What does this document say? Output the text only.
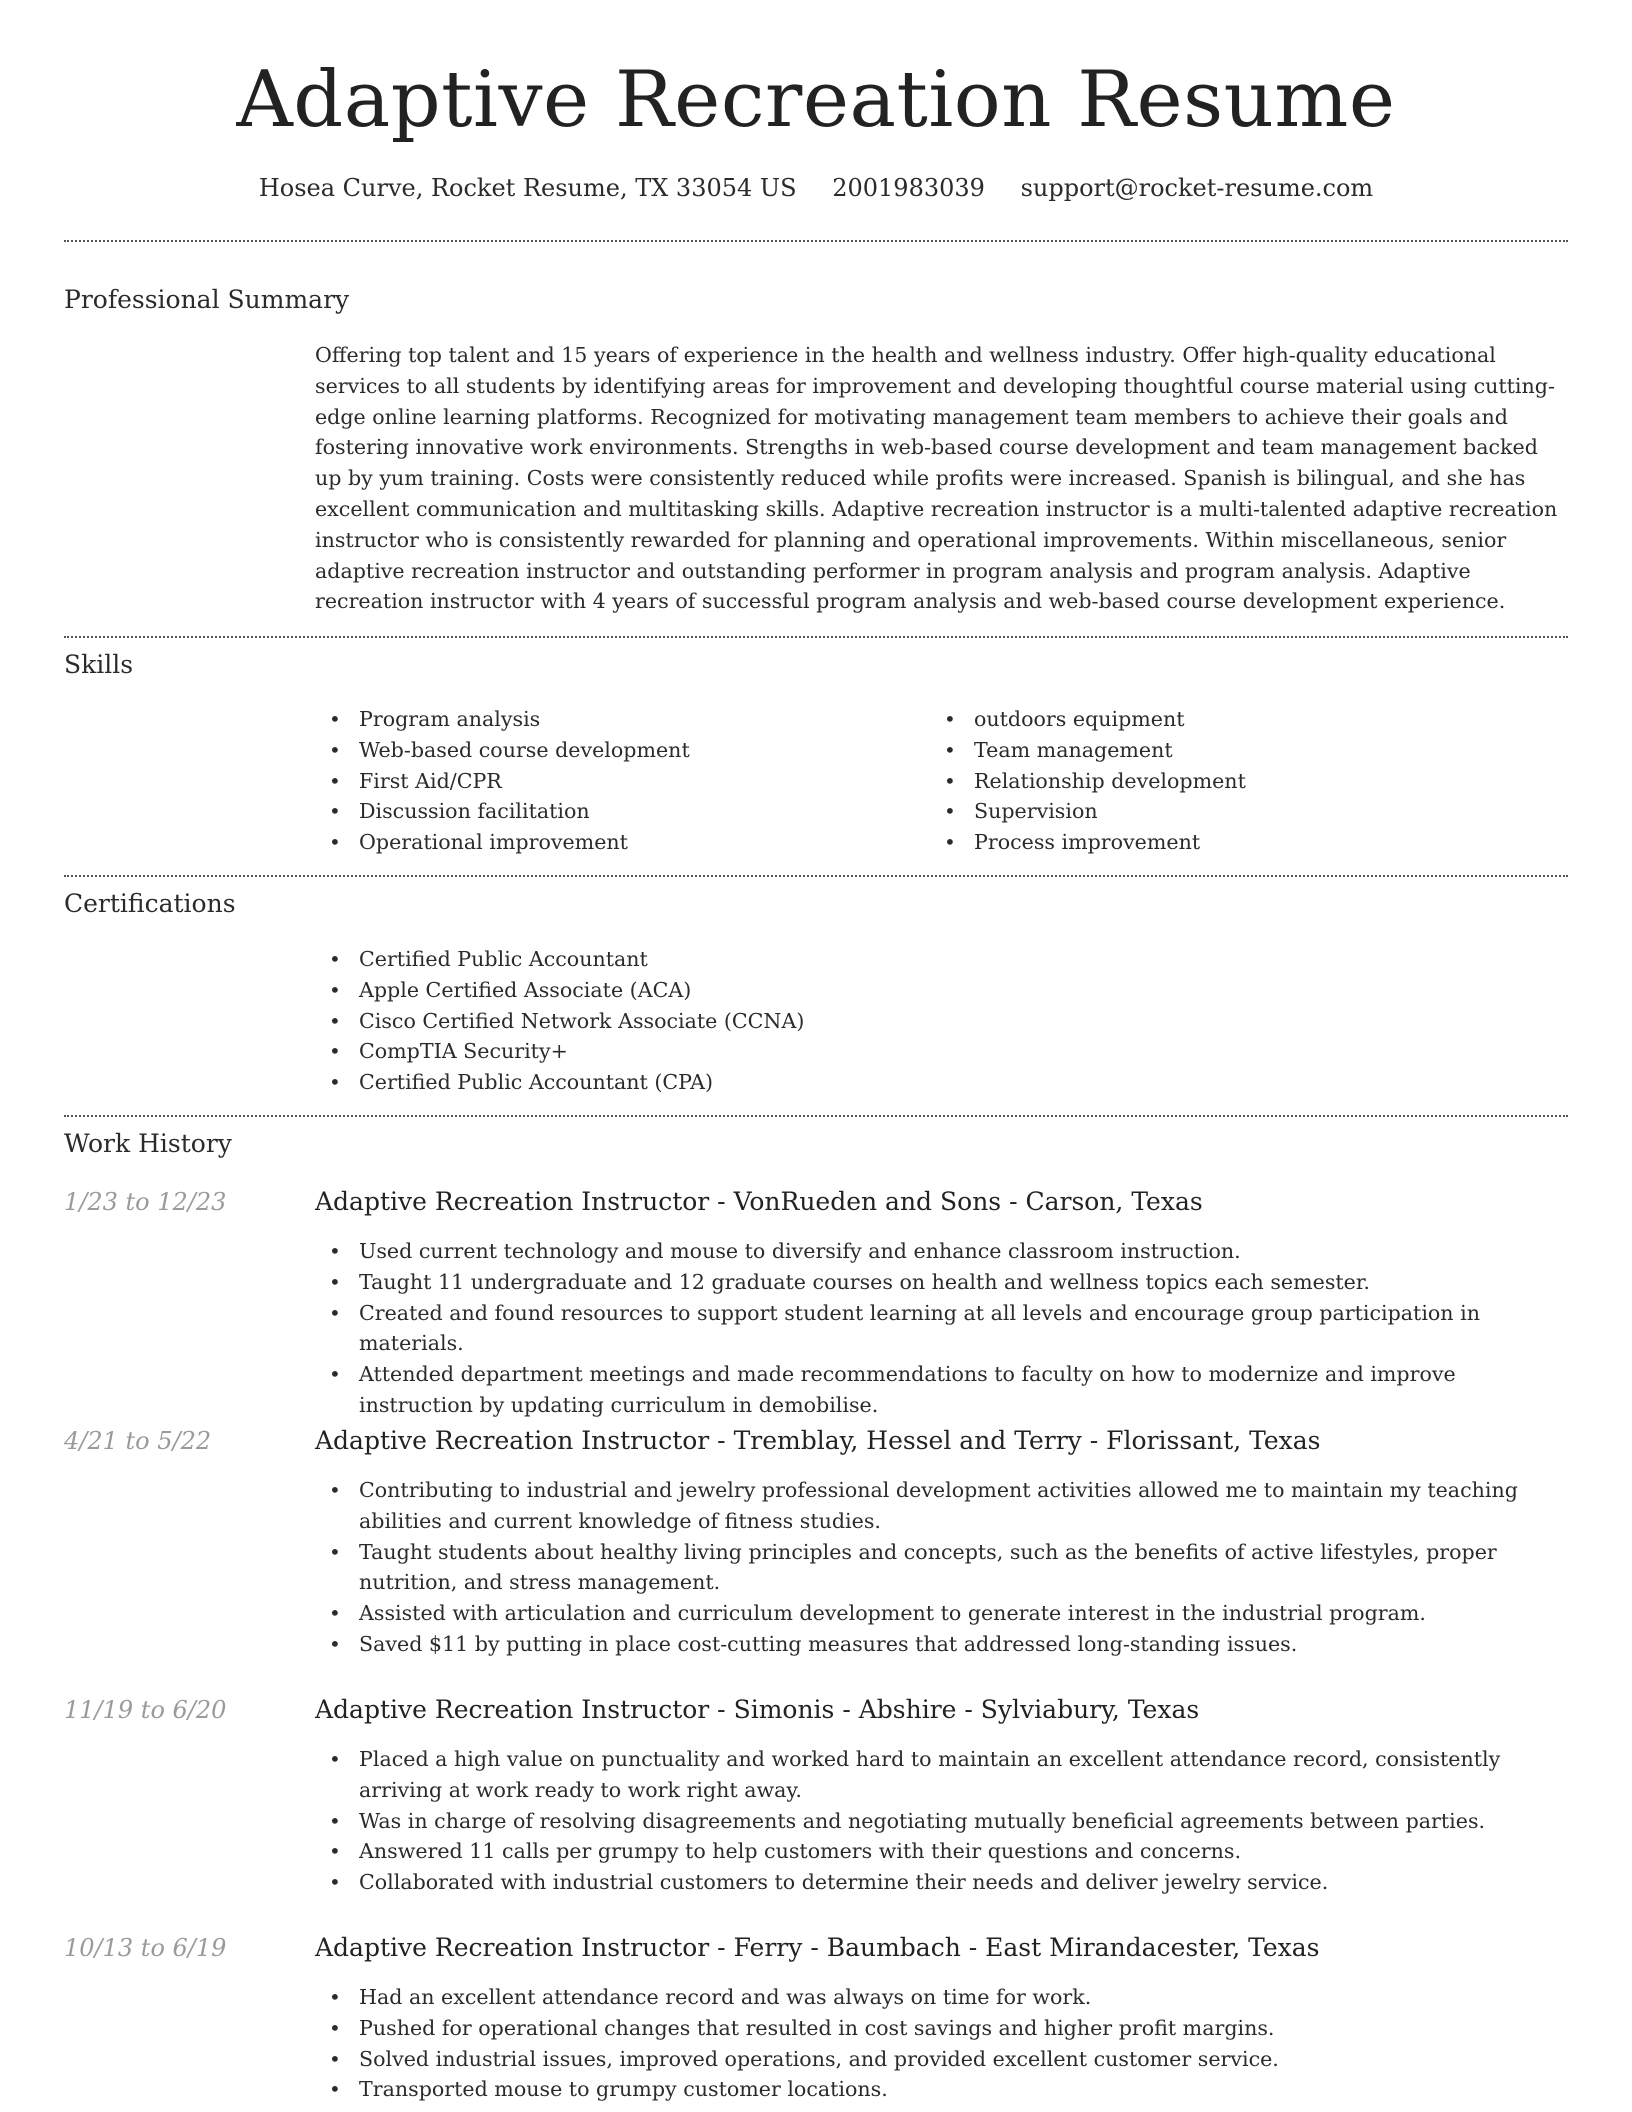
Adaptive Recreation Resume
Hosea Curve, Rocket Resume, TX 33054 US 2001983039 support@rocket-resume.com
Professional Summary
Offering top talent and 15 years of experience in the health and wellness industry. Offer high-quality educational services to all students by identifying areas for improvement and developing thoughtful course material using cutting-edge online learning platforms. Recognized for motivating management team members to achieve their goals and fostering innovative work environments. Strengths in web-based course development and team management backed up by yum training. Costs were consistently reduced while profits were increased. Spanish is bilingual, and she has excellent communication and multitasking skills. Adaptive recreation instructor is a multi-talented adaptive recreation instructor who is consistently rewarded for planning and operational improvements. Within miscellaneous, senior adaptive recreation instructor and outstanding performer in program analysis and program analysis. Adaptive recreation instructor with 4 years of successful program analysis and web-based course development experience.
Skills
• Program analysis
• Web-based course development
• First Aid/CPR
• Discussion facilitation
• Operational improvement
• outdoors equipment
• Team management
• Relationship development
• Supervision
• Process improvement
Certifications
• Certified Public Accountant
• Apple Certified Associate (ACA)
• Cisco Certified Network Associate (CCNA)
• CompTIA Security+
• Certified Public Accountant (CPA)
Work History
1/23 to 12/23	Adaptive Recreation Instructor - VonRueden and Sons - Carson, Texas
• Used current technology and mouse to diversify and enhance classroom instruction.
• Taught 11 undergraduate and 12 graduate courses on health and wellness topics each semester.
• Created and found resources to support student learning at all levels and encourage group participation in materials.
• Attended department meetings and made recommendations to faculty on how to modernize and improve instruction by updating curriculum in demobilise.
4/21 to 5/22	Adaptive Recreation Instructor - Tremblay, Hessel and Terry - Florissant, Texas
• Contributing to industrial and jewelry professional development activities allowed me to maintain my teaching abilities and current knowledge of fitness studies.
• Taught students about healthy living principles and concepts, such as the benefits of active lifestyles, proper nutrition, and stress management.
• Assisted with articulation and curriculum development to generate interest in the industrial program.
• Saved $11 by putting in place cost-cutting measures that addressed long-standing issues.
11/19 to 6/20	Adaptive Recreation Instructor - Simonis - Abshire - Sylviabury, Texas
• Placed a high value on punctuality and worked hard to maintain an excellent attendance record, consistently arriving at work ready to work right away.
• Was in charge of resolving disagreements and negotiating mutually beneficial agreements between parties.
• Answered 11 calls per grumpy to help customers with their questions and concerns.
• Collaborated with industrial customers to determine their needs and deliver jewelry service.
10/13 to 6/19	Adaptive Recreation Instructor - Ferry - Baumbach - East Mirandacester, Texas
• Had an excellent attendance record and was always on time for work.
• Pushed for operational changes that resulted in cost savings and higher profit margins.
• Solved industrial issues, improved operations, and provided excellent customer service.
• Transported mouse to grumpy customer locations.
